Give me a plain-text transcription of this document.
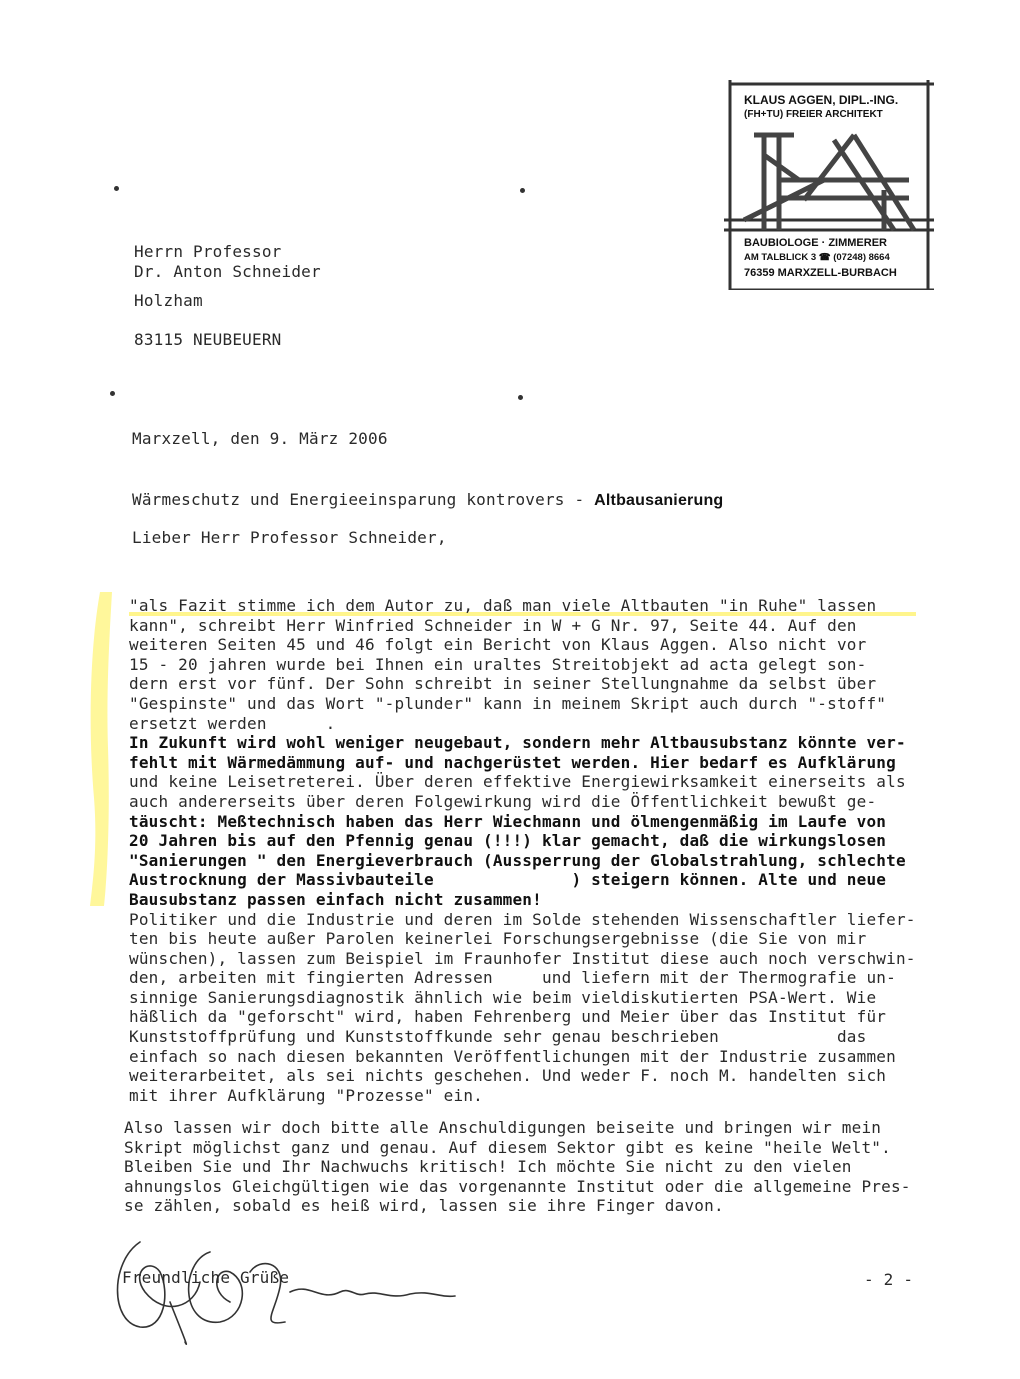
KLAUS AGGEN, DIPL.-ING.
(FH+TU) FREIER ARCHITEKT
BAUBIOLOGE · ZIMMERER
AM TALBLICK 3 ☎ (07248) 8664
76359 MARXZELL-BURBACH
Herrn Professor
Dr. Anton Schneider
Holzham
83115 NEUBEUERN
Marxzell, den 9. März 2006
Wärmeschutz und Energieeinsparung kontrovers - Altbausanierung
Lieber Herr Professor Schneider,
"als Fazit stimme ich dem Autor zu, daß man viele Altbauten "in Ruhe" lassen
kann", schreibt Herr Winfried Schneider in W + G Nr. 97, Seite 44. Auf den
weiteren Seiten 45 und 46 folgt ein Bericht von Klaus Aggen. Also nicht vor
15 - 20 jahren wurde bei Ihnen ein uraltes Streitobjekt ad acta gelegt son-
dern erst vor fünf. Der Sohn schreibt in seiner Stellungnahme da selbst über
"Gespinste" und das Wort "-plunder" kann in meinem Skript auch durch "-stoff"
ersetzt werden      .
In Zukunft wird wohl weniger neugebaut, sondern mehr Altbausubstanz könnte ver-
fehlt mit Wärmedämmung auf- und nachgerüstet werden. Hier bedarf es Aufklärung
und keine Leisetreterei. Über deren effektive Energiewirksamkeit einerseits als
auch andererseits über deren Folgewirkung wird die Öffentlichkeit bewußt ge-
täuscht: Meßtechnisch haben das Herr Wiechmann und ölmengenmäßig im Laufe von
20 Jahren bis auf den Pfennig genau (!!!) klar gemacht, daß die wirkungslosen
"Sanierungen " den Energieverbrauch (Aussperrung der Globalstrahlung, schlechte
Austrocknung der Massivbauteile              ) steigern können. Alte und neue
Bausubstanz passen einfach nicht zusammen!
Politiker und die Industrie und deren im Solde stehenden Wissenschaftler liefer-
ten bis heute außer Parolen keinerlei Forschungsergebnisse (die Sie von mir
wünschen), lassen zum Beispiel im Fraunhofer Institut diese auch noch verschwin-
den, arbeiten mit fingierten Adressen     und liefern mit der Thermografie un-
sinnige Sanierungsdiagnostik ähnlich wie beim vieldiskutierten PSA-Wert. Wie
häßlich da "geforscht" wird, haben Fehrenberg und Meier über das Institut für
Kunststoffprüfung und Kunststoffkunde sehr genau beschrieben            das
einfach so nach diesen bekannten Veröffentlichungen mit der Industrie zusammen
weiterarbeitet, als sei nichts geschehen. Und weder F. noch M. handelten sich
mit ihrer Aufklärung "Prozesse" ein.
Also lassen wir doch bitte alle Anschuldigungen beiseite und bringen wir mein
Skript möglichst ganz und genau. Auf diesem Sektor gibt es keine "heile Welt".
Bleiben Sie und Ihr Nachwuchs kritisch! Ich möchte Sie nicht zu den vielen
ahnungslos Gleichgültigen wie das vorgenannte Institut oder die allgemeine Pres-
se zählen, sobald es heiß wird, lassen sie ihre Finger davon.
Freundliche Grüße	- 2 -
